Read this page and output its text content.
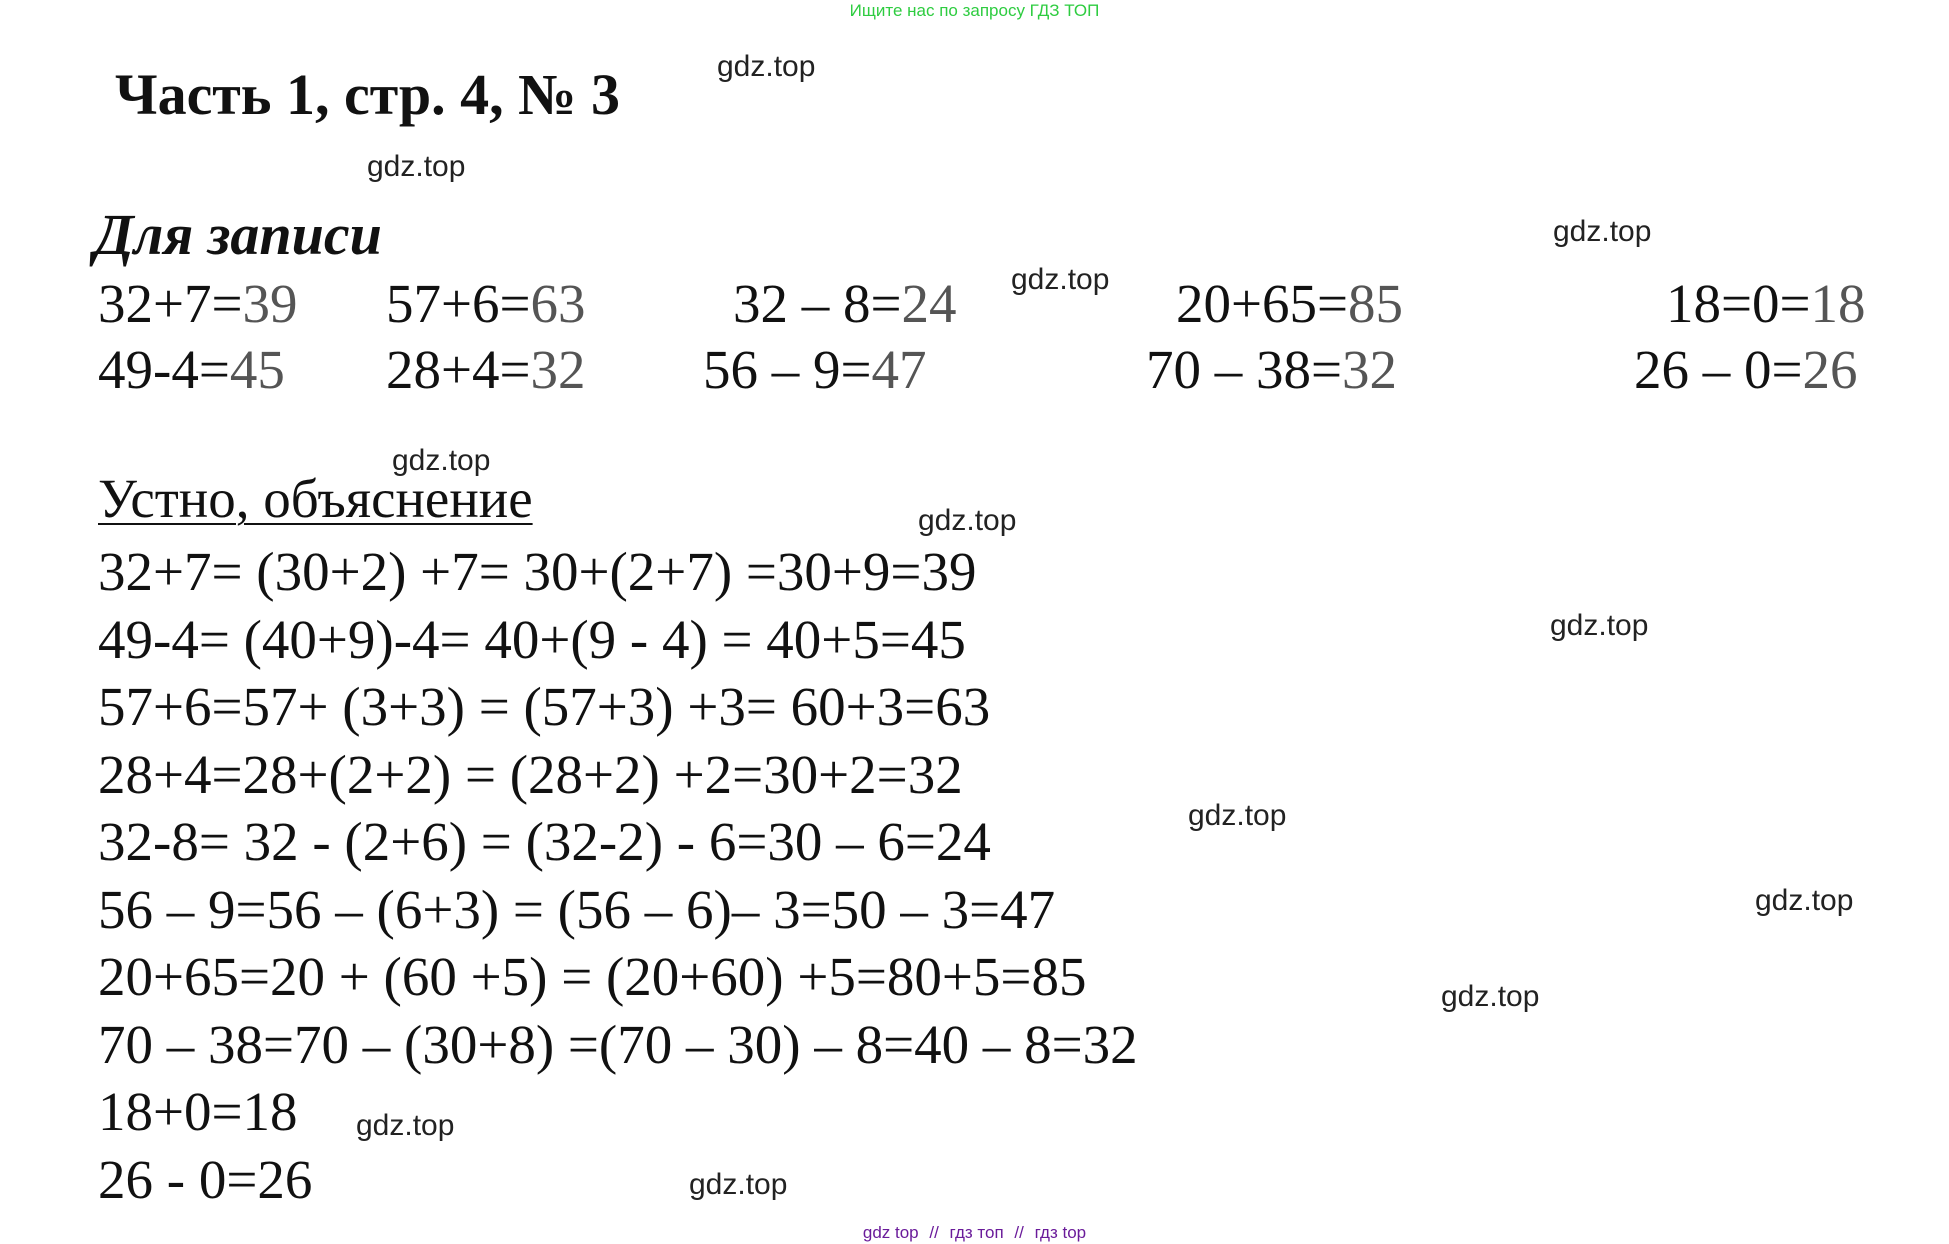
Ищите нас по запросу ГДЗ ТОП
Часть 1, стр. 4, № 3
Для записи
32+7=39 57+6=63	32 – 8=24	20+65=85	18=0=18
49-4=45 28+4=32 56 – 9=47	70 – 38=32	26 – 0=26
Устно, объяснение
32+7= (30+2) +7= 30+(2+7) =30+9=39
49-4= (40+9)-4= 40+(9 - 4) = 40+5=45
57+6=57+ (3+3) = (57+3) +3= 60+3=63
28+4=28+(2+2) = (28+2) +2=30+2=32
32-8= 32 - (2+6) = (32-2) - 6=30 – 6=24
56 – 9=56 – (6+3) = (56 – 6)– 3=50 – 3=47
20+65=20 + (60 +5) = (20+60) +5=80+5=85
70 – 38=70 – (30+8) =(70 – 30) – 8=40 – 8=32
18+0=18
26 - 0=26
gdz.top
gdz.top
gdz.top
gdz.top
gdz.top
gdz.top
gdz.top
gdz.top
gdz.top
gdz.top
gdz.top
gdz.top
gdz top // гдз топ // гдз top
